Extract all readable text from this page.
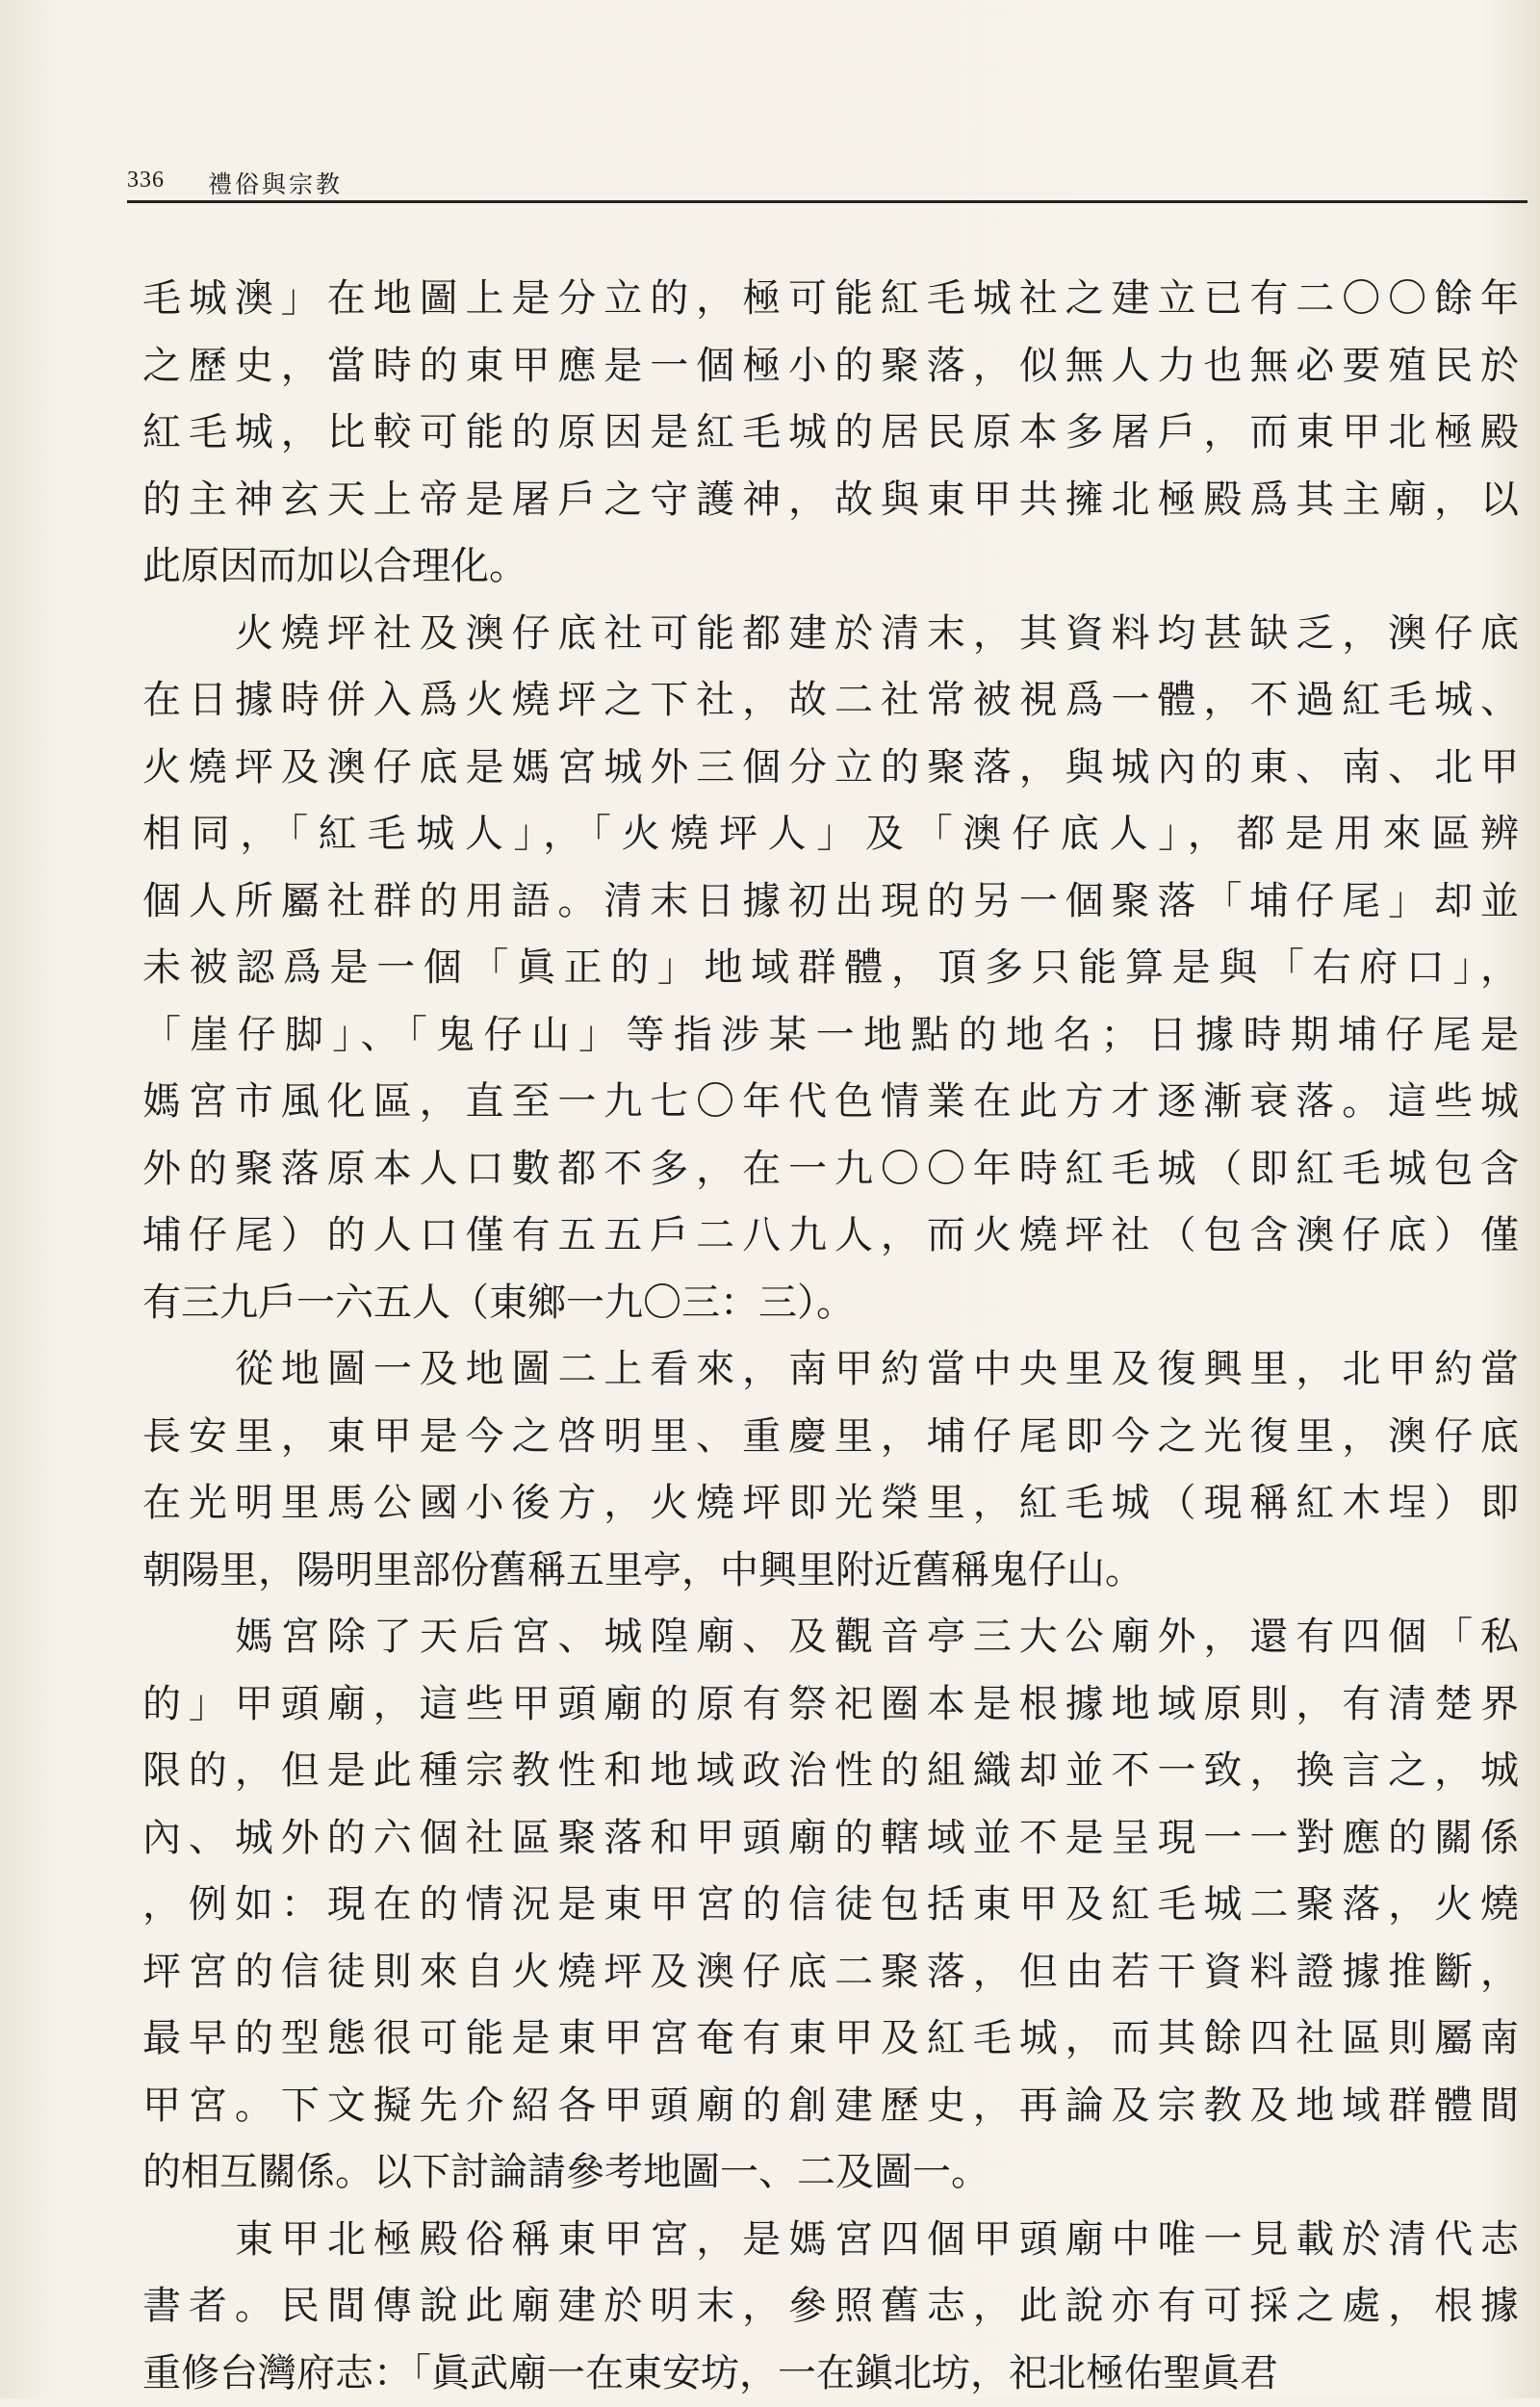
336 禮俗與宗教
毛城澳」在地圖上是分立的，極可能紅毛城社之建立已有二〇〇餘年
之歷史，當時的東甲應是一個極小的聚落，似無人力也無必要殖民於
紅毛城，比較可能的原因是紅毛城的居民原本多屠戶，而東甲北極殿
的主神玄天上帝是屠戶之守護神，故與東甲共擁北極殿爲其主廟，以
此原因而加以合理化。
火燒坪社及澳仔底社可能都建於清末，其資料均甚缺乏，澳仔底
在日據時併入爲火燒坪之下社，故二社常被視爲一體，不過紅毛城、
火燒坪及澳仔底是媽宮城外三個分立的聚落，與城內的東、南、北甲
相同，「紅毛城人」，「火燒坪人」及「澳仔底人」，都是用來區辨
個人所屬社群的用語。清末日據初出現的另一個聚落「埔仔尾」却並
未被認爲是一個「眞正的」地域群體，頂多只能算是與「右府口」，
「崖仔脚」、「鬼仔山」等指涉某一地點的地名；日據時期埔仔尾是
媽宮市風化區，直至一九七〇年代色情業在此方才逐漸衰落。這些城
外的聚落原本人口數都不多，在一九〇〇年時紅毛城（即紅毛城包含
埔仔尾）的人口僅有五五戶二八九人，而火燒坪社（包含澳仔底）僅
有三九戶一六五人（東鄉一九〇三：三）。
從地圖一及地圖二上看來，南甲約當中央里及復興里，北甲約當
長安里，東甲是今之啓明里、重慶里，埔仔尾即今之光復里，澳仔底
在光明里馬公國小後方，火燒坪即光榮里，紅毛城（現稱紅木埕）即
朝陽里，陽明里部份舊稱五里亭，中興里附近舊稱鬼仔山。
媽宮除了天后宮、城隍廟、及觀音亭三大公廟外，還有四個「私
的」甲頭廟，這些甲頭廟的原有祭祀圈本是根據地域原則，有清楚界
限的，但是此種宗教性和地域政治性的組織却並不一致，換言之，城
內、城外的六個社區聚落和甲頭廟的轄域並不是呈現一一對應的關係
，例如：現在的情況是東甲宮的信徒包括東甲及紅毛城二聚落，火燒
坪宮的信徒則來自火燒坪及澳仔底二聚落，但由若干資料證據推斷，
最早的型態很可能是東甲宮奄有東甲及紅毛城，而其餘四社區則屬南
甲宮。下文擬先介紹各甲頭廟的創建歷史，再論及宗教及地域群體間
的相互關係。以下討論請參考地圖一、二及圖一。
東甲北極殿俗稱東甲宮，是媽宮四個甲頭廟中唯一見載於清代志
書者。民間傳說此廟建於明末，參照舊志，此說亦有可採之處，根據
重修台灣府志：「眞武廟一在東安坊，一在鎭北坊，祀北極佑聖眞君
